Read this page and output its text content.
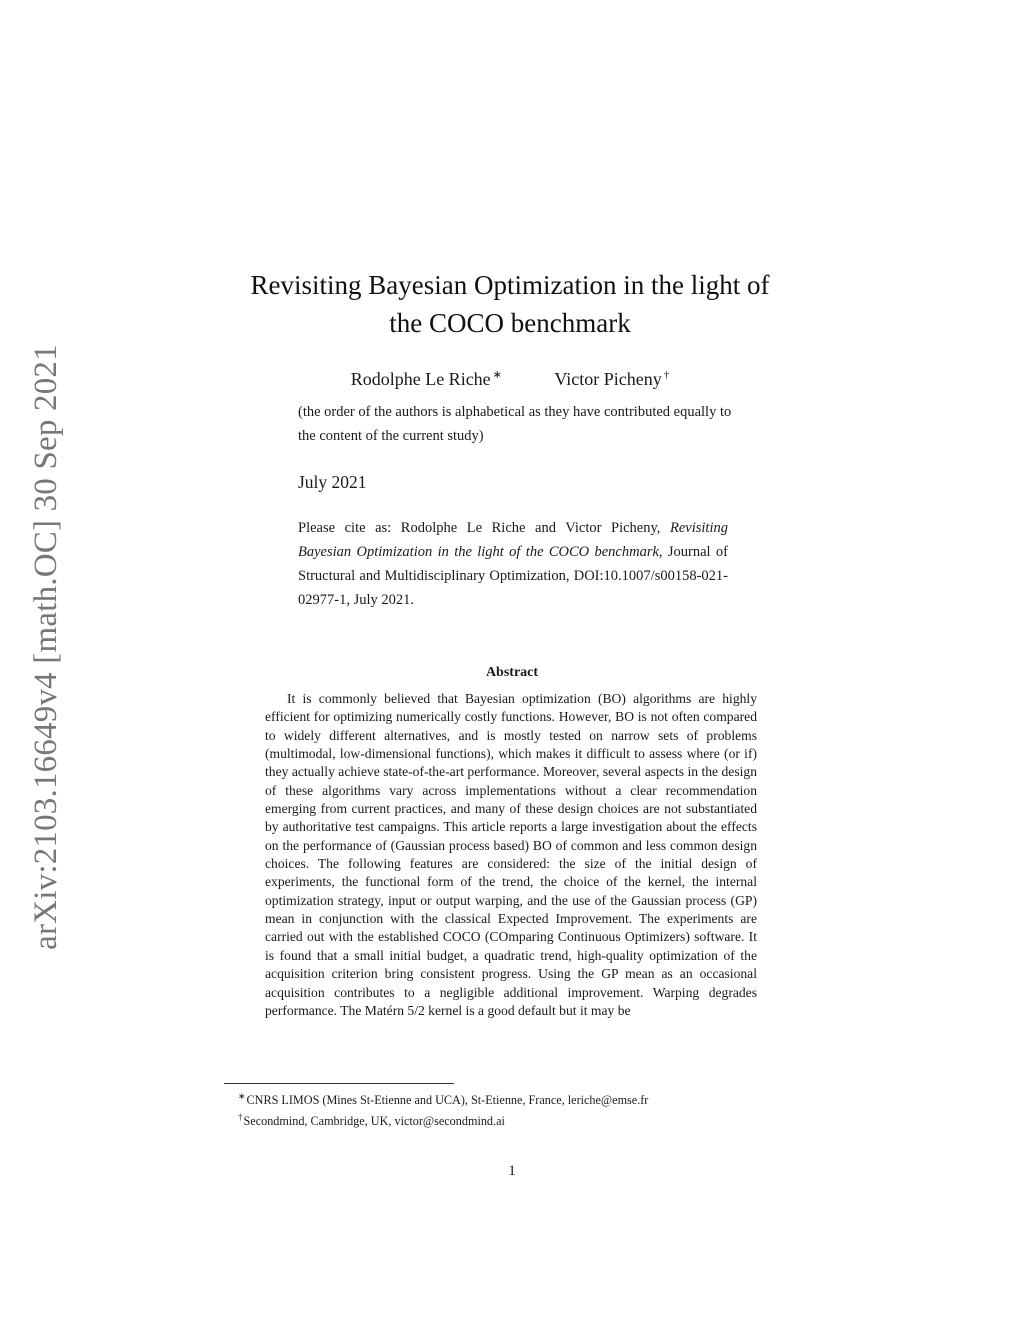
arXiv:2103.16649v4 [math.OC] 30 Sep 2021
Revisiting Bayesian Optimization in the light of
the COCO benchmark
Rodolphe Le Riche ∗	Victor Picheny †
(the order of the authors is alphabetical as they have contributed equally to the content of the current study)
July 2021
Please cite as: Rodolphe Le Riche and Victor Picheny, Revisiting Bayesian Optimization in the light of the COCO benchmark, Journal of Structural and Multidisciplinary Optimization, DOI:10.1007/s00158-021-02977-1, July 2021.
Abstract
It is commonly believed that Bayesian optimization (BO) algorithms are highly efficient for optimizing numerically costly functions. However, BO is not often compared to widely different alternatives, and is mostly tested on narrow sets of problems (multimodal, low-dimensional functions), which makes it difficult to assess where (or if) they actually achieve state-of-the-art performance. Moreover, several aspects in the design of these algorithms vary across implementations without a clear recommendation emerging from current practices, and many of these design choices are not substantiated by authoritative test campaigns. This article reports a large investigation about the effects on the performance of (Gaussian process based) BO of common and less common design choices. The following features are considered: the size of the initial design of experiments, the functional form of the trend, the choice of the kernel, the internal optimization strategy, input or output warping, and the use of the Gaussian process (GP) mean in conjunction with the classical Expected Improvement. The experiments are carried out with the established COCO (COmparing Continuous Optimizers) software. It is found that a small initial budget, a quadratic trend, high-quality optimization of the acquisition criterion bring consistent progress. Using the GP mean as an occasional acquisition contributes to a negligible additional improvement. Warping degrades performance. The Matérn 5/2 kernel is a good default but it may be
∗CNRS LIMOS (Mines St-Etienne and UCA), St-Etienne, France, leriche@emse.fr
†Secondmind, Cambridge, UK, victor@secondmind.ai
1
